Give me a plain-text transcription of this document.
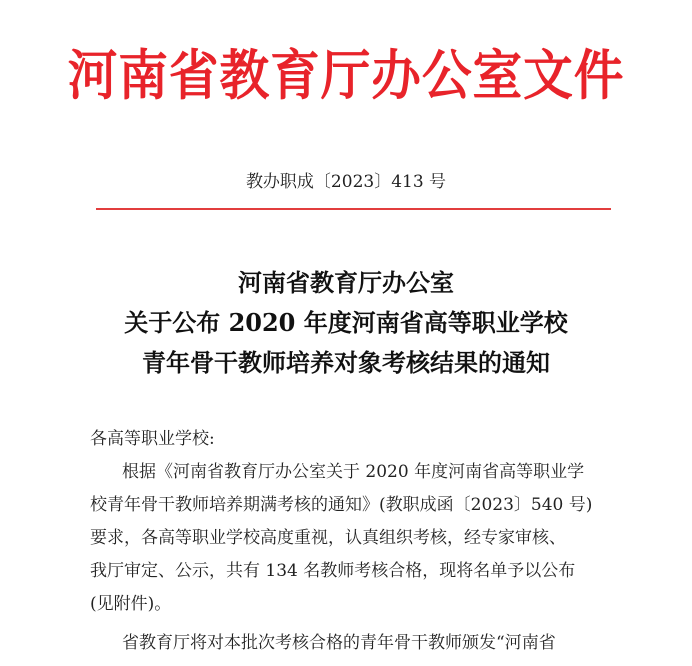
河南省教育厅办公室文件
教办职成〔2023〕413 号
河南省教育厅办公室
关于公布 2020 年度河南省高等职业学校
青年骨干教师培养对象考核结果的通知
各高等职业学校:
根据《河南省教育厅办公室关于 2020 年度河南省高等职业学
校青年骨干教师培养期满考核的通知》(教职成函〔2023〕540 号)
要求，各高等职业学校高度重视，认真组织考核，经专家审核、
我厅审定、公示，共有 134 名教师考核合格，现将名单予以公布
(见附件)。
省教育厅将对本批次考核合格的青年骨干教师颁发“河南省
